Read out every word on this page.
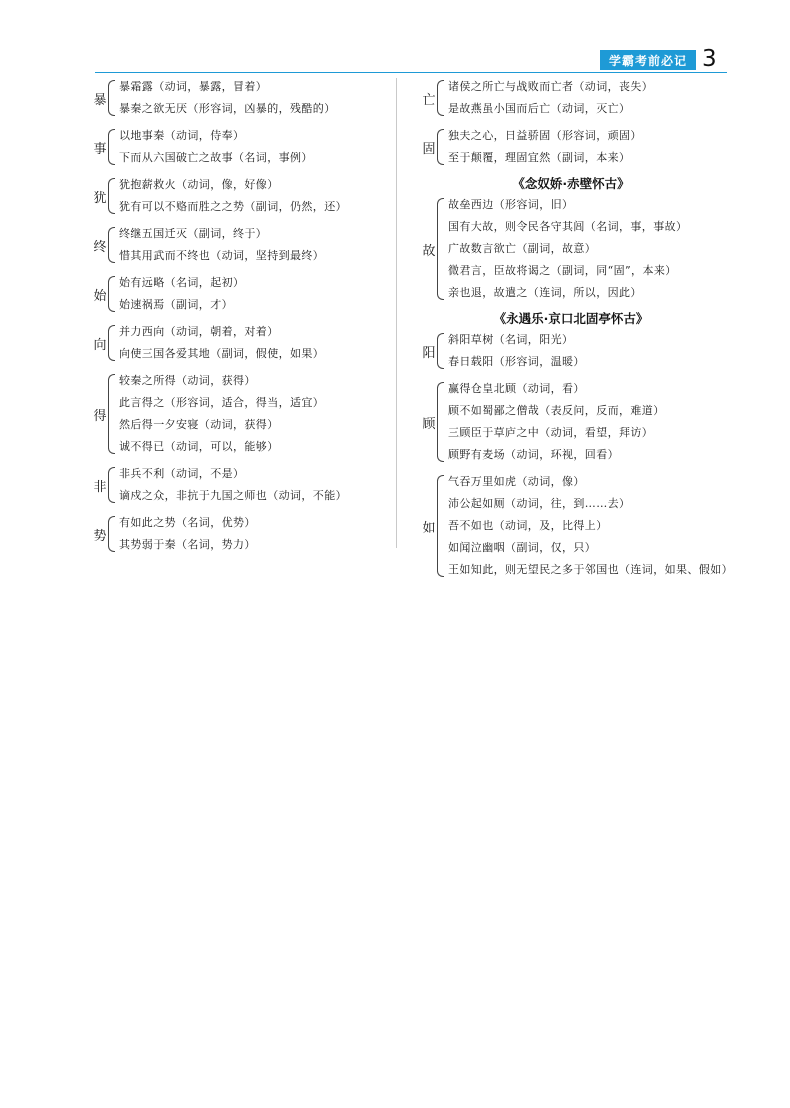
学霸考前必记 3
暴
暴霜露（动词，暴露，冒着）
暴秦之欲无厌（形容词，凶暴的，残酷的）
事
以地事秦（动词，侍奉）
下而从六国破亡之故事（名词，事例）
犹
犹抱薪救火（动词，像，好像）
犹有可以不赂而胜之之势（副词，仍然，还）
终
终继五国迁灭（副词，终于）
惜其用武而不终也（动词，坚持到最终）
始
始有远略（名词，起初）
始速祸焉（副词，才）
向
并力西向（动词，朝着，对着）
向使三国各爱其地（副词，假使，如果）
得
较秦之所得（动词，获得）
此言得之（形容词，适合，得当，适宜）
然后得一夕安寝（动词，获得）
诚不得已（动词，可以，能够）
非
非兵不利（动词，不是）
谪戍之众，非抗于九国之师也（动词，不能）
势
有如此之势（名词，优势）
其势弱于秦（名词，势力）
亡
诸侯之所亡与战败而亡者（动词，丧失）
是故燕虽小国而后亡（动词，灭亡）
固
独夫之心，日益骄固（形容词，顽固）
至于颠覆，理固宜然（副词，本来）
《念奴娇·赤壁怀古》
故
故垒西边（形容词，旧）
国有大故，则令民各守其闾（名词，事，事故）
广故数言欲亡（副词，故意）
微君言，臣故将谒之（副词，同“固”，本来）
亲也退，故遣之（连词，所以，因此）
《永遇乐·京口北固亭怀古》
阳
斜阳草树（名词，阳光）
春日载阳（形容词，温暖）
顾
赢得仓皇北顾（动词，看）
顾不如蜀鄙之僧哉（表反问，反而，难道）
三顾臣于草庐之中（动词，看望，拜访）
顾野有麦场（动词，环视，回看）
如
气吞万里如虎（动词，像）
沛公起如厕（动词，往，到……去）
吾不如也（动词，及，比得上）
如闻泣幽咽（副词，仅，只）
王如知此，则无望民之多于邻国也（连词，如果、假如）
